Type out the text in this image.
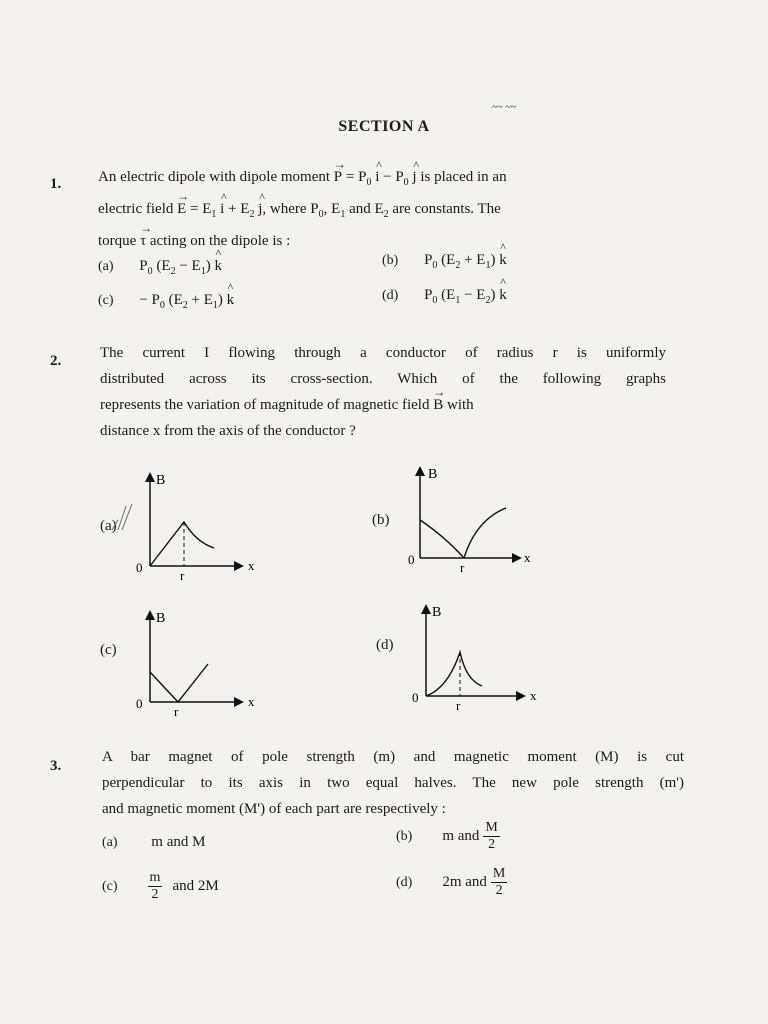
~~ ~~
SECTION A
1. An electric dipole with dipole moment → $P = P_0$ ^ $i - P_0$ ^ j is placed in an
electric field → $E = E_1$ ^ $i + E_2$ ^ j, where $P_0$, $E_1$ and $E_2$ are constants. The
torque → τ acting on the dipole is :
(a) $P_0$ $(E_2 - E_1)$ ^ k	(b) $P_0$ $(E_2 + E_1)$ ^ k
$(c) - P_0$ $(E_2 + E_1)$ ^ k	(d) $P_0$ $(E_1 - E_2)$ ^ k
2.	The current I flowing through a conductor of radius r is uniformly
distributed across its cross-section. Which of the following graphs
represents the variation of magnitude of magnetic field → B with
distance x from the axis of the conductor ?
(a)	(b)
(c)	(d)
B
x
0
r
B
x
0
r
B
x
0
r
B
x
0
r
3.
A bar magnet of pole strength (m) and magnetic moment (M) is cut
perpendicular to its axis in two equal halves. The new pole strength (m')
and magnetic moment (M') of each part are respectively :
(a) m and M	(b) m and $\frac{M}{2}$
$(c) \frac{m}{2}$ and 2M	(d) 2m and $\frac{M}{2}$
